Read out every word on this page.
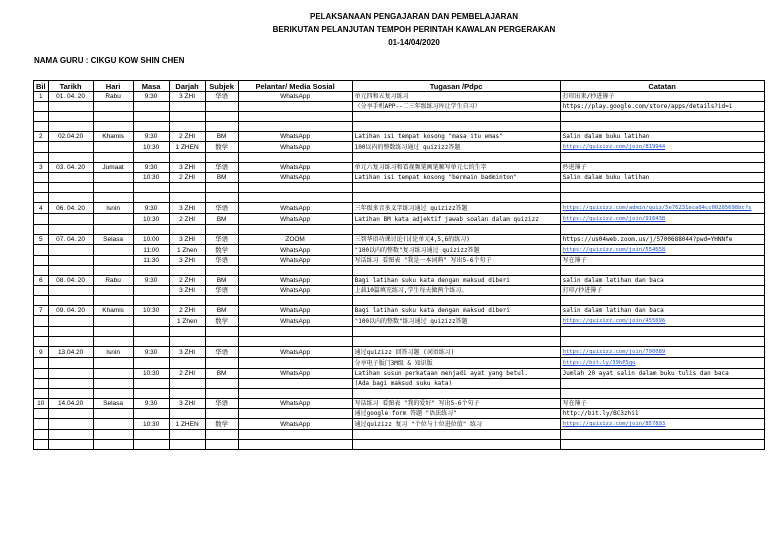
PELAKSANAAN PENGAJARAN DAN PEMBELAJARAN
BERIKUTAN PELANJUTAN TEMPOH PERINTAH KAWALAN PERGERAKAN
01-14/04/2020
NAMA GURU : CIKGU KOW SHIN CHEN
Bil	Tarikh	Hari	Masa	Darjah	Subjek	Pelantar/ Media Sosial	Tugasan /Pdpc	Catatan
1	01. 04. 20	Rabu	9:30	3 ZHI	华语	WhatsApp	单元四和五复习练习	打印出来/抄进簿子
							（分享手机APP--二三年级练习库让学生自习）	https://play.google.com/store/apps/details?id=i

2	02.04.20	Khamis	9:30	2 ZHI	BM	WhatsApp	Latihan isi tempat kosong "masa itu emas"	Salin dalam buku latihan
			10:30	1 ZHEN	数学	WhatsApp	100以内的整数练习通过 quizizz答题	https://quizizz.com/join/819944

3	03. 04. 20	Jumaat	9:30	3 ZHI	华语	WhatsApp	单元六复习练习和看视频笔画笔顺写单元七的生字	抄进簿子
			10:30	2 ZHI	BM	WhatsApp	Latihan isi tempat kosong "bermain badminton"	Salin dalam buku latihan

4	06. 04. 20	Isnin	9:30	3 ZHI	华语	WhatsApp	三年级多音多义字练习通过 quizizz答题	https://quizizz.com/admin/quiz/5e76231eca04cc00205698bc?s
			10:30	2 ZHI	BM	WhatsApp	Latihan BM kata adjektif jawab soalan dalam quizizz	https://quizizz.com/join/916438

5	07. 04. 20	Selasa	10:00	3 ZHI	华语	ZOOM	三智华语功课讨论(讨论单元4,5,6的练习)	https://us04web.zoom.us/j/5700688044?pwd=YHNNfe
			11:00	1 Zhen	数学	WhatsApp	"100以内的整数"复习练习通过 quizizz答题	https://quizizz.com/join/554658
			11:30	3 ZHI	华语	WhatsApp	写话练习 看图表 "我是一本词典" 写出5-6个句子	写在簿子

6	08. 04. 20	Rabu	9:30	2 ZHI	BM	WhatsApp	Bagi latihan suku kata dengan maksud diberi	salin dalam latihan dan baca
				3 ZHI	华语	WhatsApp	上载10篇填充练习,学生每天做两个练习。	打印/抄进簿子

7	09. 04. 20	Khamis	10:30	2 ZHI	BM	WhatsApp	Bagi latihan suku kata dengan maksud diberi	salin dalam latihan dan baca
				1 Zhen	数学	WhatsApp	"100以内的整数"练习通过 quizizz答题	https://quizizz.com/join/455696

9	13.04.20	Isnin	9:30	3 ZHI	华语	WhatsApp	通过quizizz 回答习题 (词语练习)	https://quizizz.com/join/790089
							分享电子版门3M级 & 知识版	https://bit.ly/39hPSqu
			10:30	2 ZHI	BM	WhatsApp	Latihan susun perkataan menjadi ayat yang betul.	Jumlah 20 ayat salin dalam buku tulis dan baca
							(Ada bagi maksud suku kata)	

10	14.04.20	Selasa	9:30	3 ZHI	华语	WhatsApp	写话练习 看图表 "我的爱好" 写出5-6个句子	写在簿子
							通过google form 答题 "语法练习"	http://bit.ly/BC3zhi1
			10:30	1 ZHEN	数学	WhatsApp	通过quizizz 复习 "个位与十位进位值" 练习	https://quizizz.com/join/857893
